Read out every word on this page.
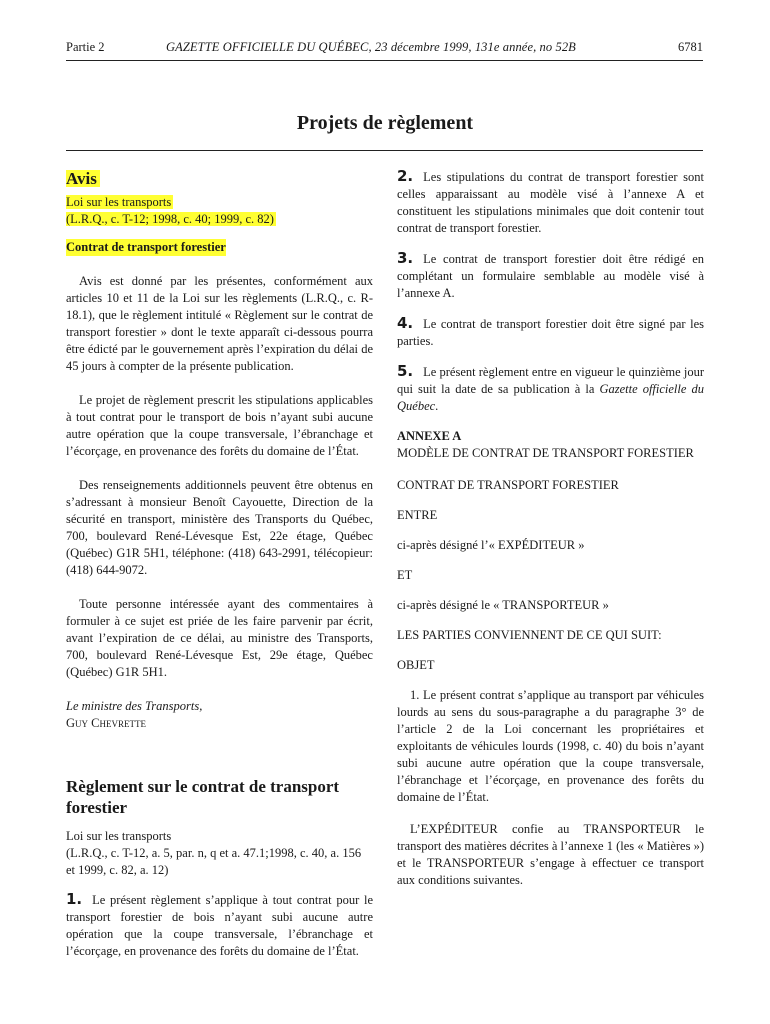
Partie 2	GAZETTE OFFICIELLE DU QUÉBEC, 23 décembre 1999, 131e année, no 52B	6781
Projets de règlement
Avis
Loi sur les transports
(L.R.Q., c. T-12; 1998, c. 40; 1999, c. 82)
Contrat de transport forestier

Avis est donné par les présentes, conformément aux articles 10 et 11 de la Loi sur les règlements (L.R.Q., c. R-18.1), que le règlement intitulé « Règlement sur le contrat de transport forestier » dont le texte apparaît ci-dessous pourra être édicté par le gouvernement après l’expiration du délai de 45 jours à compter de la présente publication.

Le projet de règlement prescrit les stipulations applicables à tout contrat pour le transport de bois n’ayant subi aucune autre opération que la coupe transversale, l’ébranchage et l’écorçage, en provenance des forêts du domaine de l’État.

Des renseignements additionnels peuvent être obtenus en s’adressant à monsieur Benoît Cayouette, Direction de la sécurité en transport, ministère des Transports du Québec, 700, boulevard René-Lévesque Est, 22e étage, Québec (Québec) G1R 5H1, téléphone: (418) 643-2991, télécopieur: (418) 644-9072.

Toute personne intéressée ayant des commentaires à formuler à ce sujet est priée de les faire parvenir par écrit, avant l’expiration de ce délai, au ministre des Transports, 700, boulevard René-Lévesque Est, 29e étage, Québec (Québec) G1R 5H1.

Le ministre des Transports,
Guy Chevrette
Règlement sur le contrat de transport forestier
Loi sur les transports
(L.R.Q., c. T-12, a. 5, par. n, q et a. 47.1;1998, c. 40, a. 156 et 1999, c. 82, a. 12)

1. Le présent règlement s’applique à tout contrat pour le transport forestier de bois n’ayant subi aucune autre opération que la coupe transversale, l’ébranchage et l’écorçage, en provenance des forêts du domaine de l’État.

2. Les stipulations du contrat de transport forestier sont celles apparaissant au modèle visé à l’annexe A et constituent les stipulations minimales que doit contenir tout contrat de transport forestier.

3. Le contrat de transport forestier doit être rédigé en complétant un formulaire semblable au modèle visé à l’annexe A.

4. Le contrat de transport forestier doit être signé par les parties.

5. Le présent règlement entre en vigueur le quinzième jour qui suit la date de sa publication à la Gazette officielle du Québec.

ANNEXE A
MODÈLE DE CONTRAT DE TRANSPORT FORESTIER

CONTRAT DE TRANSPORT FORESTIER

ENTRE

ci-après désigné l’« EXPÉDITEUR »

ET

ci-après désigné le « TRANSPORTEUR »

LES PARTIES CONVIENNENT DE CE QUI SUIT:

OBJET

1. Le présent contrat s’applique au transport par véhicules lourds au sens du sous-paragraphe a du paragraphe 3° de l’article 2 de la Loi concernant les propriétaires et exploitants de véhicules lourds (1998, c. 40) du bois n’ayant subi aucune autre opération que la coupe transversale, l’ébranchage et l’écorçage, en provenance des forêts du domaine de l’État.

L’EXPÉDITEUR confie au TRANSPORTEUR le transport des matières décrites à l’annexe 1 (les « Matières ») et le TRANSPORTEUR s’engage à effectuer ce transport aux conditions suivantes.
